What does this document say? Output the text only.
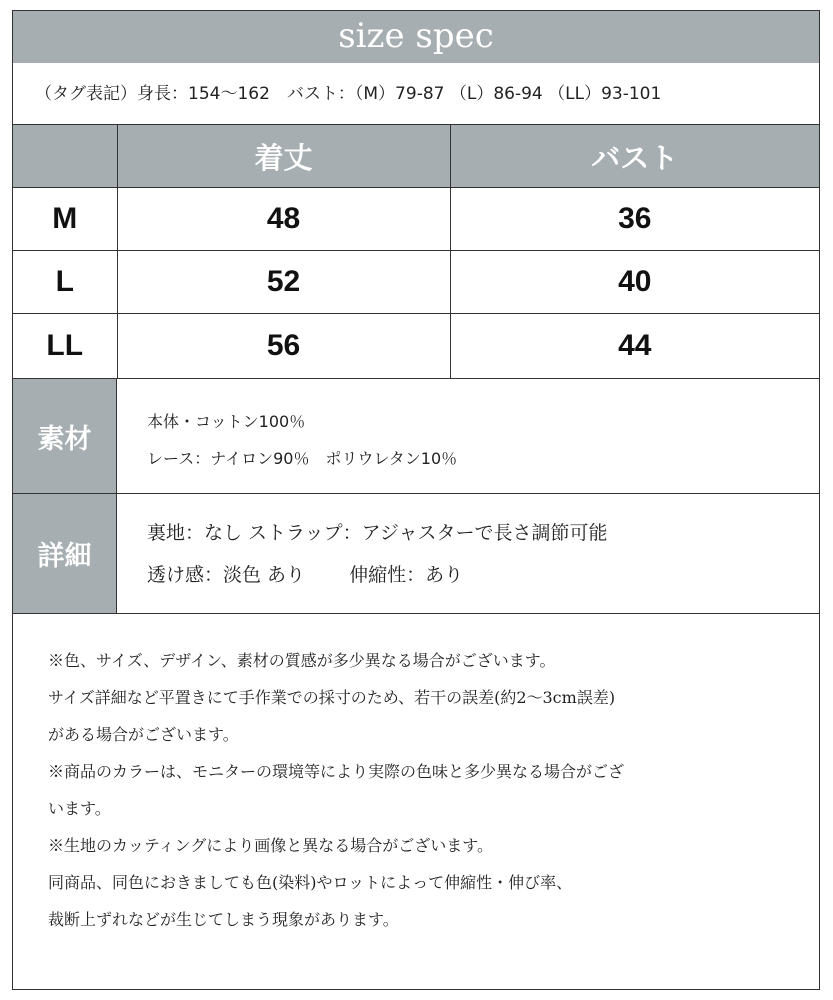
size spec
（タグ表記）身長：154〜162　バスト：（M）79-87 （L）86-94 （LL）93-101
	着丈	バスト
M	48	36
L	52	40
LL	56	44
素材
本体・コットン100％
レース：ナイロン90％　ポリウレタン10％
詳細
裏地：なし ストラップ：アジャスターで長さ調節可能
透け感：淡色 あり　　 伸縮性：あり
※色、サイズ、デザイン、素材の質感が多少異なる場合がございます。
サイズ詳細など平置きにて手作業での採寸のため、若干の誤差(約2〜3cm誤差)
がある場合がございます。
※商品のカラーは、モニターの環境等により実際の色味と多少異なる場合がござ
います。
※生地のカッティングにより画像と異なる場合がございます。
同商品、同色におきましても色(染料)やロットによって伸縮性・伸び率、
裁断上ずれなどが生じてしまう現象があります。
